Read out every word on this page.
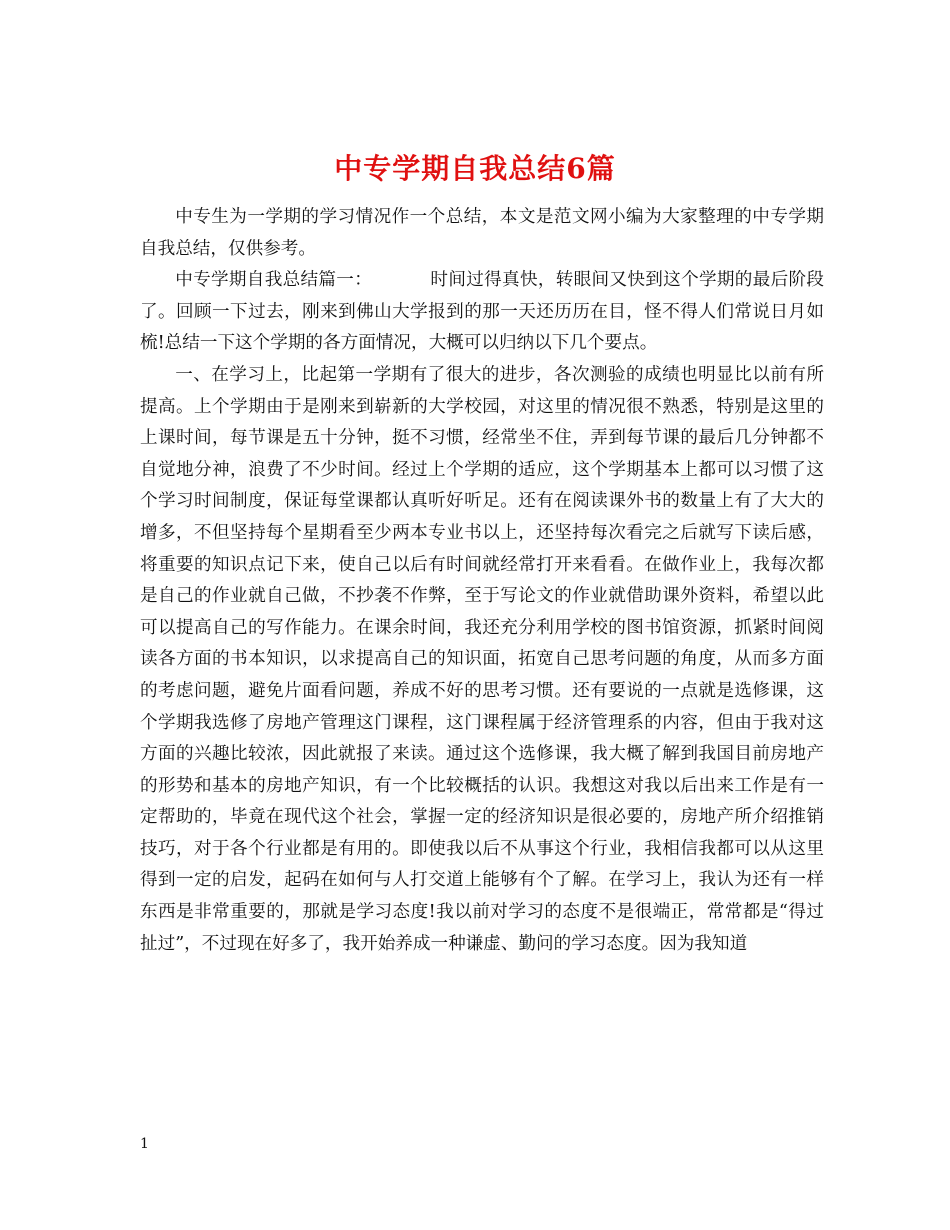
中专学期自我总结6篇

中专生为一学期的学习情况作一个总结，本文是范文网小编为大家整理的中专学期自我总结，仅供参考。

中专学期自我总结篇一：	时间过得真快，转眼间又快到这个学期的最后阶段了。回顾一下过去，刚来到佛山大学报到的那一天还历历在目，怪不得人们常说日月如梳!总结一下这个学期的各方面情况，大概可以归纳以下几个要点。

一、在学习上，比起第一学期有了很大的进步，各次测验的成绩也明显比以前有所提高。上个学期由于是刚来到崭新的大学校园，对这里的情况很不熟悉，特别是这里的上课时间，每节课是五十分钟，挺不习惯，经常坐不住，弄到每节课的最后几分钟都不自觉地分神，浪费了不少时间。经过上个学期的适应，这个学期基本上都可以习惯了这个学习时间制度，保证每堂课都认真听好听足。还有在阅读课外书的数量上有了大大的增多，不但坚持每个星期看至少两本专业书以上，还坚持每次看完之后就写下读后感，将重要的知识点记下来，使自己以后有时间就经常打开来看看。在做作业上，我每次都是自己的作业就自己做，不抄袭不作弊，至于写论文的作业就借助课外资料，希望以此可以提高自己的写作能力。在课余时间，我还充分利用学校的图书馆资源，抓紧时间阅读各方面的书本知识，以求提高自己的知识面，拓宽自己思考问题的角度，从而多方面的考虑问题，避免片面看问题，养成不好的思考习惯。还有要说的一点就是选修课，这个学期我选修了房地产管理这门课程，这门课程属于经济管理系的内容，但由于我对这方面的兴趣比较浓，因此就报了来读。通过这个选修课，我大概了解到我国目前房地产的形势和基本的房地产知识，有一个比较概括的认识。我想这对我以后出来工作是有一定帮助的，毕竟在现代这个社会，掌握一定的经济知识是很必要的，房地产所介绍推销技巧，对于各个行业都是有用的。即使我以后不从事这个行业，我相信我都可以从这里得到一定的启发，起码在如何与人打交道上能够有个了解。在学习上，我认为还有一样东西是非常重要的，那就是学习态度!我以前对学习的态度不是很端正，常常都是“得过扯过”，不过现在好多了，我开始养成一种谦虚、勤问的学习态度。因为我知道

1
